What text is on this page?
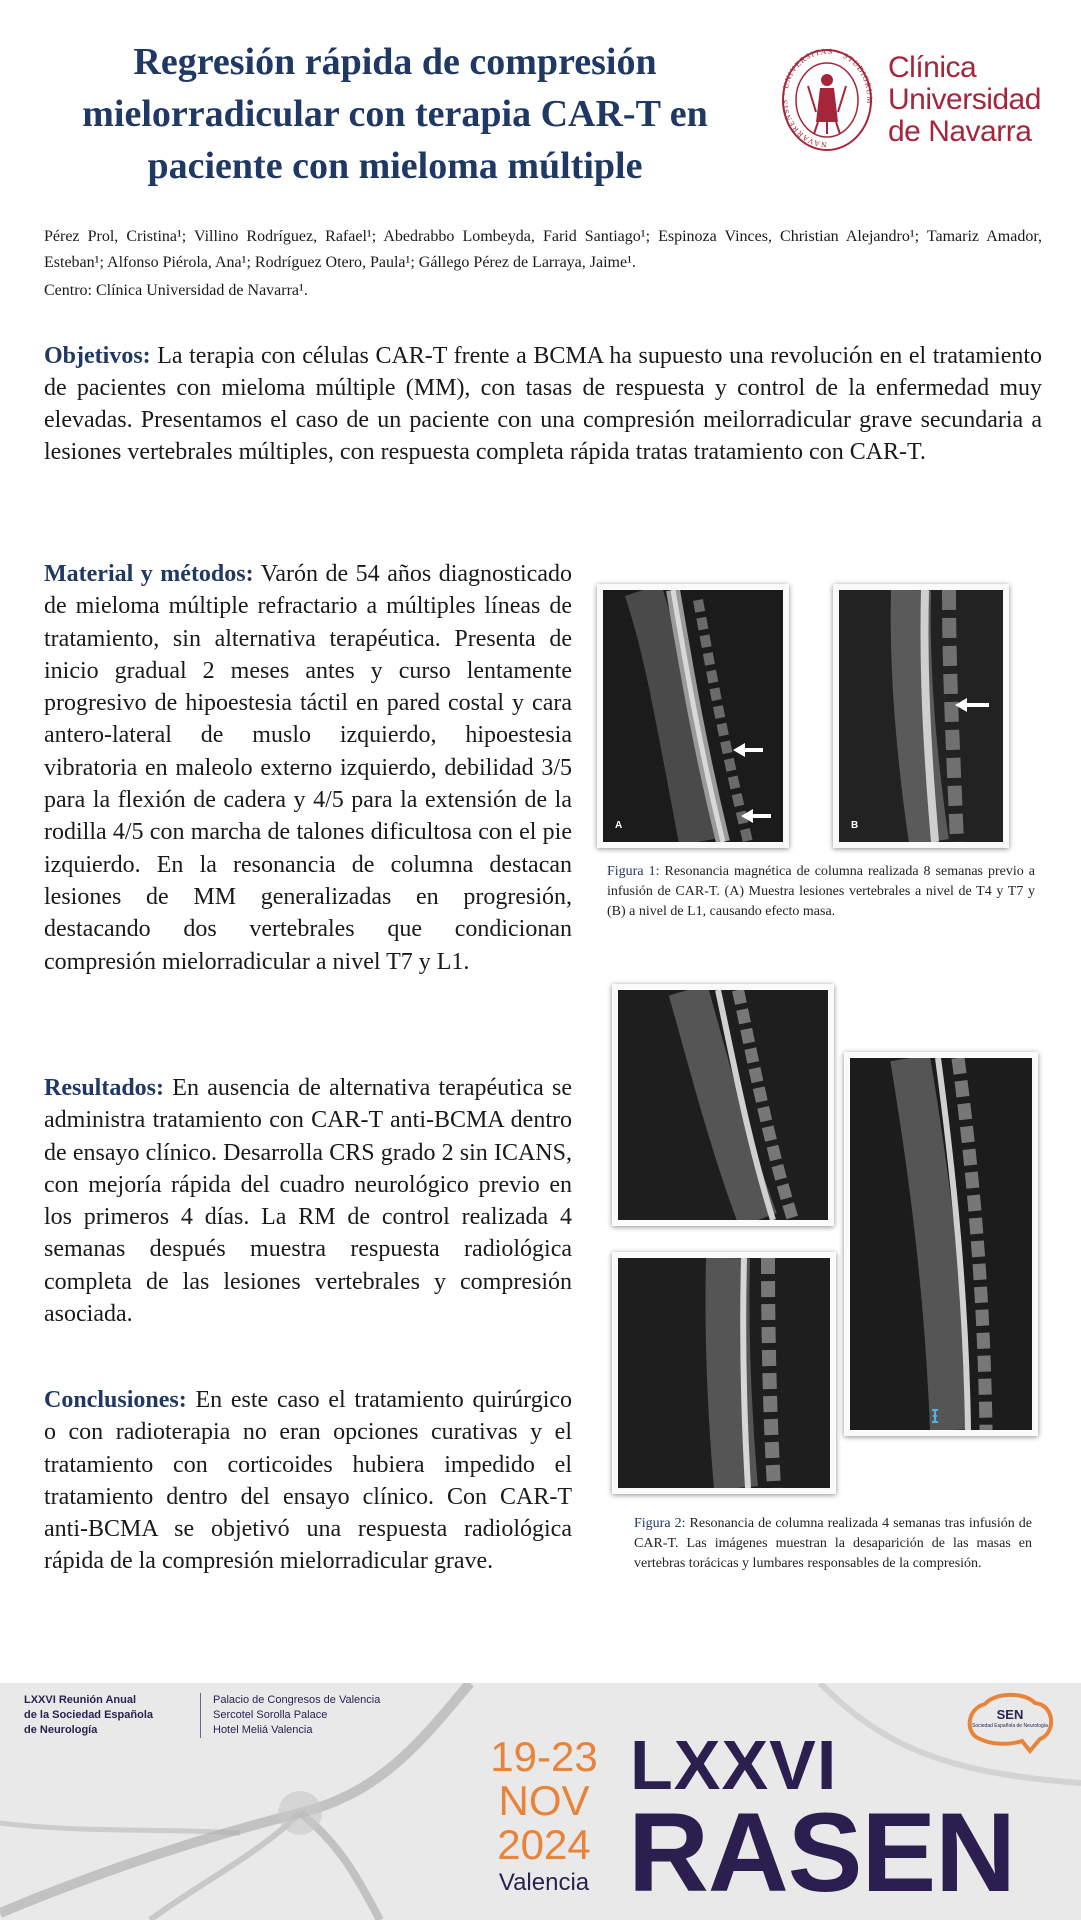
Regresión rápida de compresión mielorradicular con terapia CAR-T en paciente con mieloma múltiple
NAVARRENSIS · UNIVERSITAS · STUDIORUM
Clínica
Universidad
de Navarra
Pérez Prol, Cristina¹; Villino Rodríguez, Rafael¹; Abedrabbo Lombeyda, Farid Santiago¹; Espinoza Vinces, Christian Alejandro¹; Tamariz Amador, Esteban¹; Alfonso Piérola, Ana¹; Rodríguez Otero, Paula¹; Gállego Pérez de Larraya, Jaime¹.
Centro: Clínica Universidad de Navarra¹.
Objetivos: La terapia con células CAR-T frente a BCMA ha supuesto una revolución en el tratamiento de pacientes con mieloma múltiple (MM), con tasas de respuesta y control de la enfermedad muy elevadas. Presentamos el caso de un paciente con una compresión meilorradicular grave secundaria a lesiones vertebrales múltiples, con respuesta completa rápida tratas tratamiento con CAR-T.
Material y métodos: Varón de 54 años diagnosticado de mieloma múltiple refractario a múltiples líneas de tratamiento, sin alternativa terapéutica. Presenta de inicio gradual 2 meses antes y curso lentamente progresivo de hipoestesia táctil en pared costal y cara antero-lateral de muslo izquierdo, hipoestesia vibratoria en maleolo externo izquierdo, debilidad 3/5 para la flexión de cadera y 4/5 para la extensión de la rodilla 4/5 con marcha de talones dificultosa con el pie izquierdo. En la resonancia de columna destacan lesiones de MM generalizadas en progresión, destacando dos vertebrales que condicionan compresión mielorradicular a nivel T7 y L1.
Resultados: En ausencia de alternativa terapéutica se administra tratamiento con CAR-T anti-BCMA dentro de ensayo clínico. Desarrolla CRS grado 2 sin ICANS, con mejoría rápida del cuadro neurológico previo en los primeros 4 días. La RM de control realizada 4 semanas después muestra respuesta radiológica completa de las lesiones vertebrales y compresión asociada.
Conclusiones: En este caso el tratamiento quirúrgico o con radioterapia no eran opciones curativas y el tratamiento con corticoides hubiera impedido el tratamiento dentro del ensayo clínico. Con CAR-T anti-BCMA se objetivó una respuesta radiológica rápida de la compresión mielorradicular grave.
A	B
Figura 1: Resonancia magnética de columna realizada 8 semanas previo a infusión de CAR-T. (A) Muestra lesiones vertebrales a nivel de T4 y T7 y (B) a nivel de L1, causando efecto masa.
Figura 2: Resonancia de columna realizada 4 semanas tras infusión de CAR-T. Las imágenes muestran la desaparición de las masas en vertebras torácicas y lumbares responsables de la compresión.
LXXVI Reunión Anual
de la Sociedad Española
de Neurología
Palacio de Congresos de Valencia
Sercotel Sorolla Palace
Hotel Meliá Valencia
19-23
NOV
2024
Valencia
LXXVI
RASEN
SEN
Sociedad Española de Neurología
